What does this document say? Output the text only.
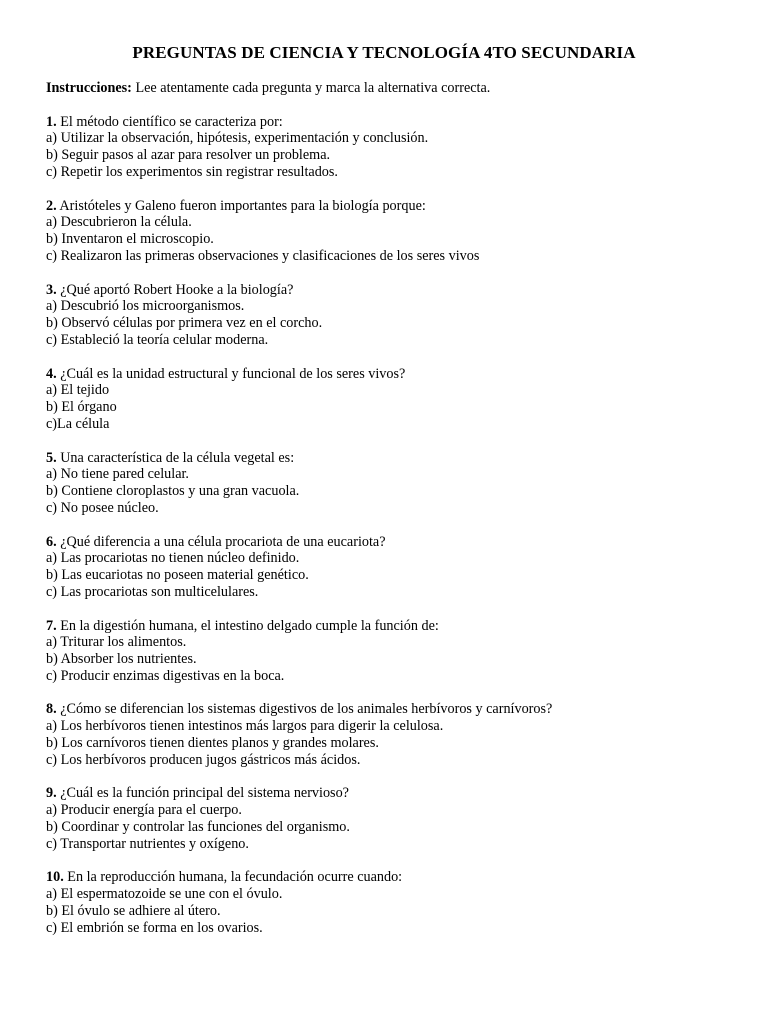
PREGUNTAS DE CIENCIA Y TECNOLOGÍA 4TO SECUNDARIA
Instrucciones: Lee atentamente cada pregunta y marca la alternativa correcta.
1. El método científico se caracteriza por:
a) Utilizar la observación, hipótesis, experimentación y conclusión.
b) Seguir pasos al azar para resolver un problema.
c) Repetir los experimentos sin registrar resultados.
2. Aristóteles y Galeno fueron importantes para la biología porque:
a) Descubrieron la célula.
b) Inventaron el microscopio.
c) Realizaron las primeras observaciones y clasificaciones de los seres vivos
3. ¿Qué aportó Robert Hooke a la biología?
a) Descubrió los microorganismos.
b) Observó células por primera vez en el corcho.
c) Estableció la teoría celular moderna.
4. ¿Cuál es la unidad estructural y funcional de los seres vivos?
a) El tejido
b) El órgano
c)La célula
5. Una característica de la célula vegetal es:
a) No tiene pared celular.
b) Contiene cloroplastos y una gran vacuola.
c) No posee núcleo.
6. ¿Qué diferencia a una célula procariota de una eucariota?
a) Las procariotas no tienen núcleo definido.
b) Las eucariotas no poseen material genético.
c) Las procariotas son multicelulares.
7. En la digestión humana, el intestino delgado cumple la función de:
a) Triturar los alimentos.
b) Absorber los nutrientes.
c) Producir enzimas digestivas en la boca.
8. ¿Cómo se diferencian los sistemas digestivos de los animales herbívoros y carnívoros?
a) Los herbívoros tienen intestinos más largos para digerir la celulosa.
b) Los carnívoros tienen dientes planos y grandes molares.
c) Los herbívoros producen jugos gástricos más ácidos.
9. ¿Cuál es la función principal del sistema nervioso?
a) Producir energía para el cuerpo.
b) Coordinar y controlar las funciones del organismo.
c) Transportar nutrientes y oxígeno.
10. En la reproducción humana, la fecundación ocurre cuando:
a) El espermatozoide se une con el óvulo.
b) El óvulo se adhiere al útero.
c) El embrión se forma en los ovarios.
